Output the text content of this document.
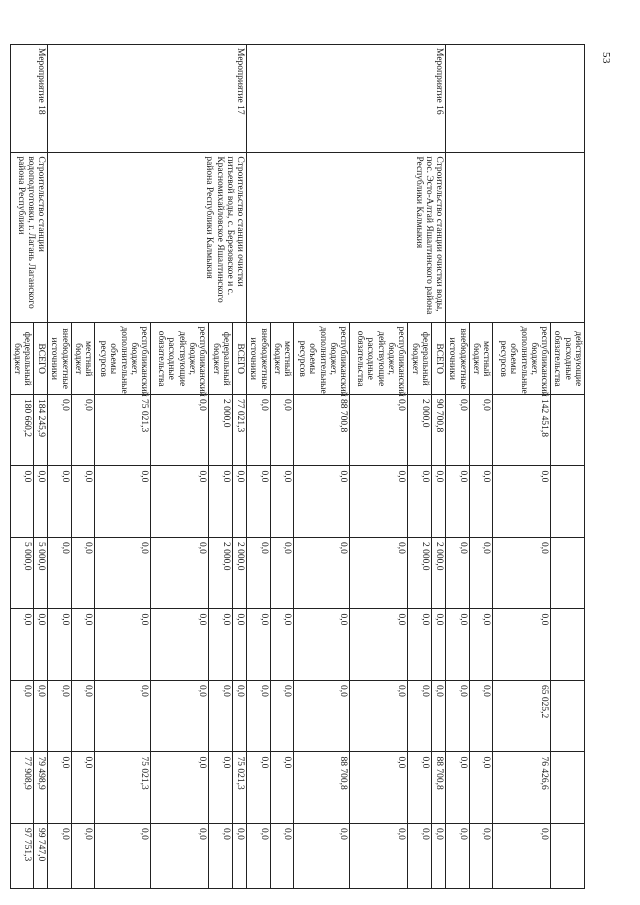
53
		действующие
расходные
обязательства							
		республиканский
бюджет,
дополнительные
объемы ресурсов	142 451,8	0,0	0,0	0,0	65 025,2	76 426,6	0,0
		местный бюджет	0,0	0,0	0,0	0,0	0,0	0,0	0,0
		внебюджетные
источники	0,0	0,0	0,0	0,0	0,0	0,0	0,0
Мероприятие 16	Строительство станции очистки воды, пос. Эсто-Алтай Яшалтинского района Республики Калмыкия	ВСЕГО	90 700,8	0,0	2 000,0	0,0	0,0	88 700,8	0,0
		федеральный
бюджет	2 000,0	0,0	2 000,0	0,0	0,0	0,0	0,0
		республиканский
бюджет,
действующие
расходные
обязательства	0,0	0,0	0,0	0,0	0,0	0,0	0,0
		республиканский
бюджет,
дополнительные
объемы ресурсов	88 700,8	0,0	0,0	0,0	0,0	88 700,8	0,0
		местный бюджет	0,0	0,0	0,0	0,0	0,0	0,0	0,0
		внебюджетные
источники	0,0	0,0	0,0	0,0	0,0	0,0	0,0
Мероприятие 17	Строительство станции очистки питьевой воды, с. Березовское и с. Красномихайловское Яшалтинского района Республики Калмыкия	ВСЕГО	77 021,3	0,0	2 000,0	0,0	0,0	75 021,3	0,0
		федеральный
бюджет	2 000,0	0,0	2 000,0	0,0	0,0	0,0	0,0
		республиканский
бюджет,
действующие
расходные
обязательства	0,0	0,0	0,0	0,0	0,0	0,0	0,0
		республиканский
бюджет,
дополнительные
объемы ресурсов	75 021,3	0,0	0,0	0,0	0,0	75 021,3	0,0
		местный бюджет	0,0	0,0	0,0	0,0	0,0	0,0	0,0
		внебюджетные
источники	0,0	0,0	0,0	0,0	0,0	0,0	0,0
Мероприятие 18	Строительство станции водоподготовки, г. Лагань Лаганского района Республики	ВСЕГО	184 245,9	0,0	5 000,0	0,0	0,0	79 498,9	99 747,0
		федеральный
бюджет	180 660,2	0,0	5 000,0	0,0	0,0	77 908,9	97 751,3
